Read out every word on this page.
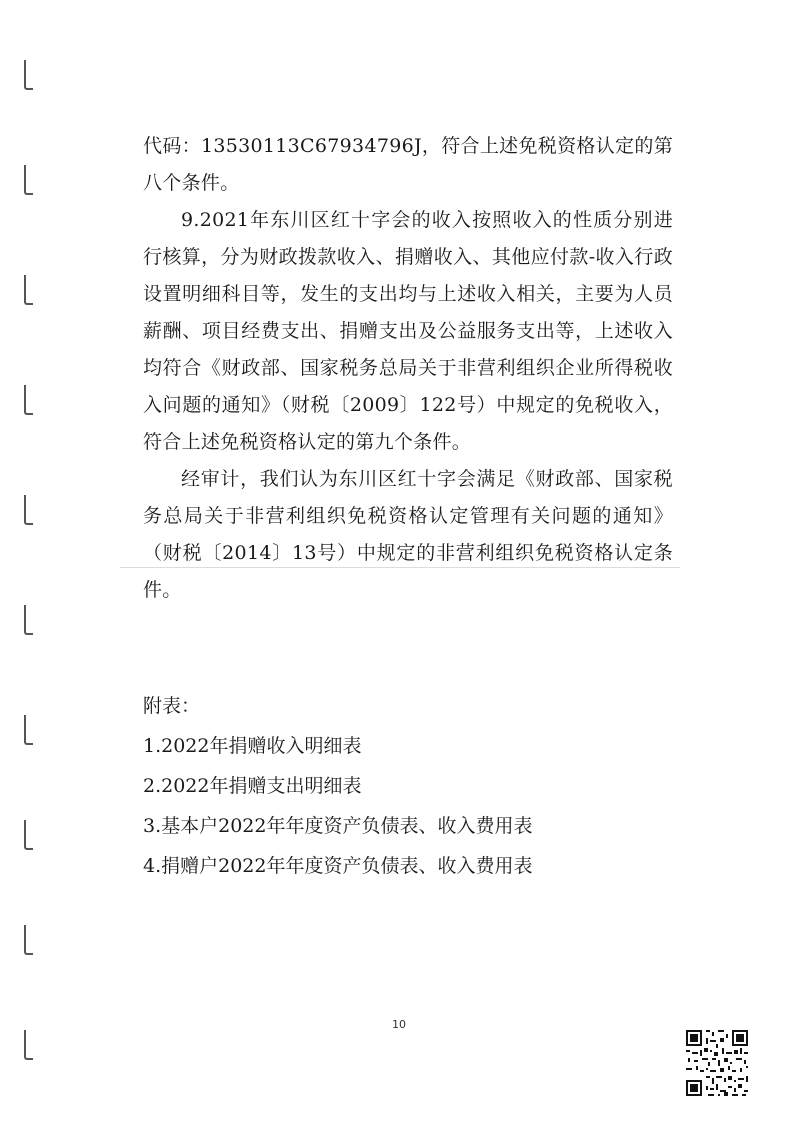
代码：13530113C67934796J，符合上述免税资格认定的第八个条件。

9.2021年东川区红十字会的收入按照收入的性质分别进行核算，分为财政拨款收入、捐赠收入、其他应付款-收入行政设置明细科目等，发生的支出均与上述收入相关，主要为人员薪酬、项目经费支出、捐赠支出及公益服务支出等，上述收入均符合《财政部、国家税务总局关于非营利组织企业所得税收入问题的通知》（财税〔2009〕122号）中规定的免税收入，符合上述免税资格认定的第九个条件。

经审计，我们认为东川区红十字会满足《财政部、国家税务总局关于非营利组织免税资格认定管理有关问题的通知》（财税〔2014〕13号）中规定的非营利组织免税资格认定条件。

附表：
1.2022年捐赠收入明细表
2.2022年捐赠支出明细表
3.基本户2022年年度资产负债表、收入费用表
4.捐赠户2022年年度资产负债表、收入费用表
10
